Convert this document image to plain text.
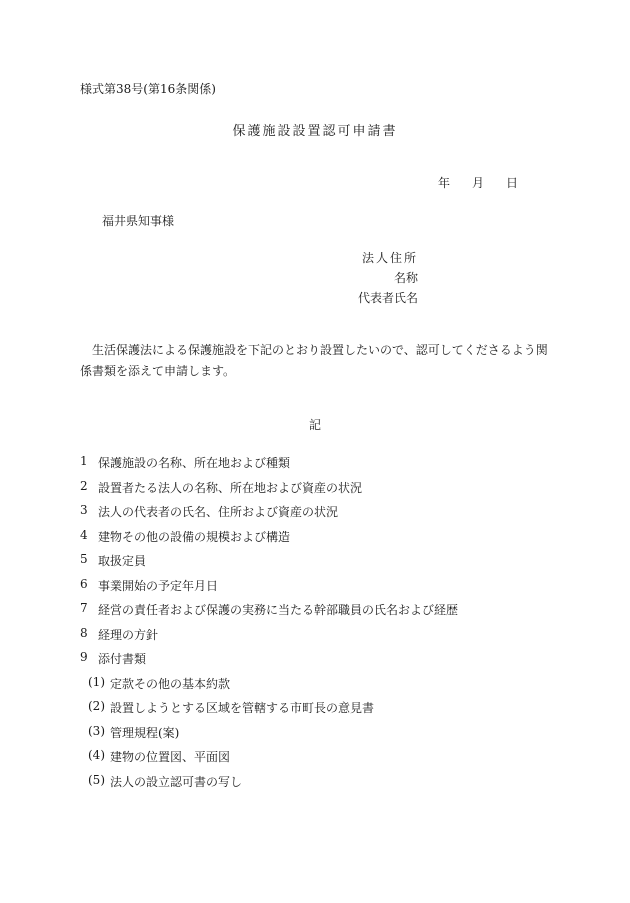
様式第38号(第16条関係)
保護施設設置認可申請書
年 月 日
福井県知事様
法人住所
名称
代表者氏名
生活保護法による保護施設を下記のとおり設置したいので、認可してくださるよう関係書類を添えて申請します。
記
1 保護施設の名称、所在地および種類
2 設置者たる法人の名称、所在地および資産の状況
3 法人の代表者の氏名、住所および資産の状況
4 建物その他の設備の規模および構造
5 取扱定員
6 事業開始の予定年月日
7 経営の責任者および保護の実務に当たる幹部職員の氏名および経歴
8 経理の方針
9 添付書類
(1) 定款その他の基本約款
(2) 設置しようとする区域を管轄する市町長の意見書
(3) 管理規程(案)
(4) 建物の位置図、平面図
(5) 法人の設立認可書の写し
